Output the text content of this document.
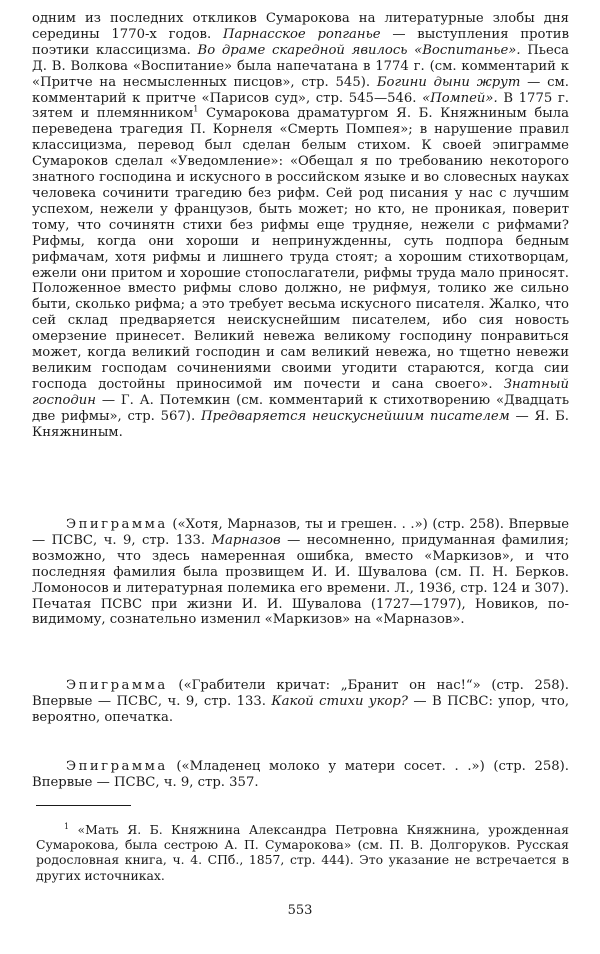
одним из последних откликов Сумарокова на литературные злобы дня середины 1770-х годов. Парнасское ропганье — выступления против поэтики классицизма. Во драме скаредной явилось «Воспитанье». Пьеса Д. В. Волкова «Воспитание» была напечатана в 1774 г. (см. комментарий к «Притче на несмысленных писцов», стр. 545). Богини дыни жрут — см. комментарий к притче «Парисов суд», стр. 545—546. «Помпей». В 1775 г. зятем и племянником$^1$ Сумарокова драматургом Я. Б. Княжниным была переведена трагедия П. Корнеля «Смерть Помпея»; в нарушение правил классицизма, перевод был сделан белым стихом. К своей эпиграмме Сумароков сделал «Уведомление»: «Обещал я по требованию некоторого знатного господина и искусного в российском языке и во словесных науках человека сочинити трагедию без рифм. Сей род писания у нас с лучшим успехом, нежели у французов, быть может; но кто, не проникая, поверит тому, что сочинятн стихи без рифмы еще трудняе, нежели с рифмами? Рифмы, когда они хороши и непринужденны, суть подпора бедным рифмачам, хотя рифмы и лишнего труда стоят; а хорошим стихотворцам, ежели они притом и хорошие стопослагатели, рифмы труда мало приносят. Положенное вместо рифмы слово должно, не рифмуя, толико же сильно быти, сколько рифма; а это требует весьма искусного писателя. Жалко, что сей склад предваряется неискуснейшим писателем, ибо сия новость омерзение принесет. Великий невежа великому господину понравиться может, когда великий господин и сам великий невежа, но тщетно невежи великим господам сочинениями своими угодити стараются, когда сии господа достойны приносимой им почести и сана своего». Знатный господин — Г. А. Потемкин (см. комментарий к стихотворению «Двадцать две рифмы», стр. 567). Предваряется неискуснейшим писателем — Я. Б. Княжниным.

Эпиграмма («Хотя, Марназов, ты и грешен. . .») (стр. 258). Впервые — ПСВС, ч. 9, стр. 133. Марназов — несомненно, придуманная фамилия; возможно, что здесь намеренная ошибка, вместо «Маркизов», и что последняя фамилия была прозвищем И. И. Шувалова (см. П. Н. Берков. Ломоносов и литературная полемика его времени. Л., 1936, стр. 124 и 307). Печатая ПСВС при жизни И. И. Шувалова (1727—1797), Новиков, по-видимому, сознательно изменил «Маркизов» на «Марназов».

Эпиграмма («Грабители кричат: „Бранит он нас!“» (стр. 258). Впервые — ПСВС, ч. 9, стр. 133. Какой стихи укор? — В ПСВС: упор, что, вероятно, опечатка.

Эпиграмма («Младенец молоко у матери сосет. . .») (стр. 258). Впервые — ПСВС, ч. 9, стр. 357.

$^1$ «Мать Я. Б. Княжнина Александра Петровна Княжнина, урожденная Сумарокова, была сестрою А. П. Сумарокова» (см. П. В. Долгоруков. Русская родословная книга, ч. 4. СПб., 1857, стр. 444). Это указание не встречается в других источниках.

553
